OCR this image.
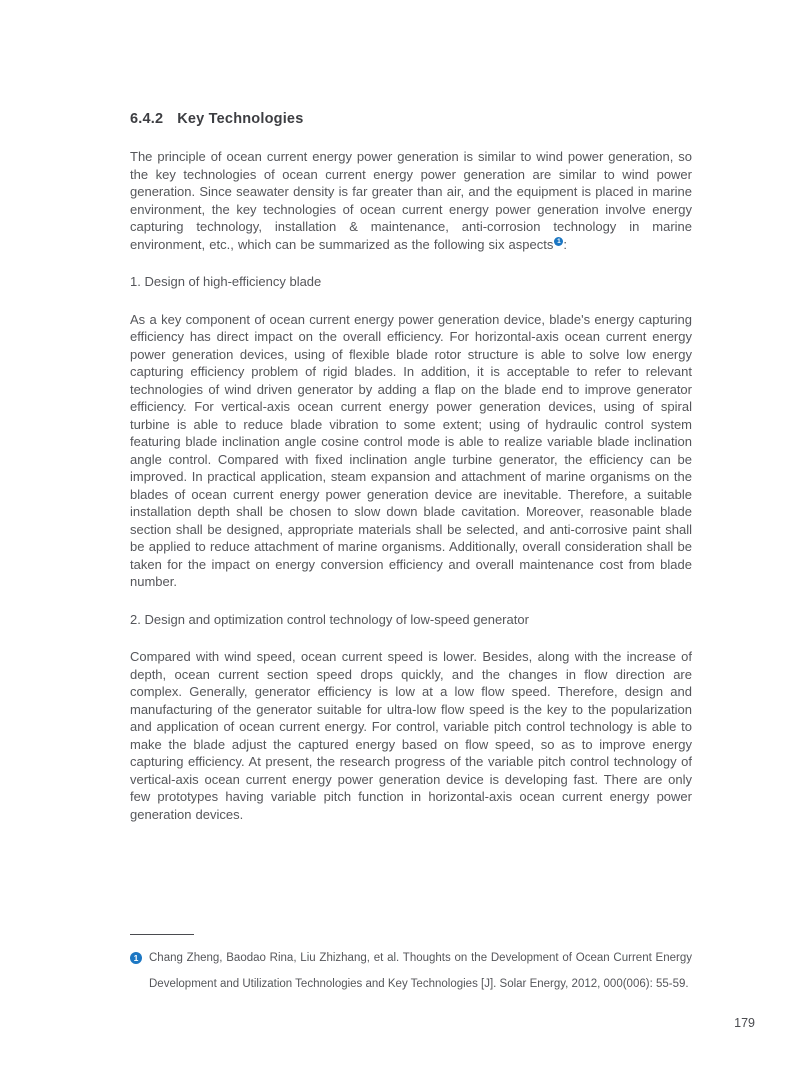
6.4.2 Key Technologies

The principle of ocean current energy power generation is similar to wind power generation, so the key technologies of ocean current energy power generation are similar to wind power generation. Since seawater density is far greater than air, and the equipment is placed in marine environment, the key technologies of ocean current energy power generation involve energy capturing technology, installation & maintenance, anti-corrosion technology in marine environment, etc., which can be summarized as the following six aspects $^1$ :

1. Design of high-efficiency blade

As a key component of ocean current energy power generation device, blade's energy capturing efficiency has direct impact on the overall efficiency. For horizontal-axis ocean current energy power generation devices, using of flexible blade rotor structure is able to solve low energy capturing efficiency problem of rigid blades. In addition, it is acceptable to refer to relevant technologies of wind driven generator by adding a flap on the blade end to improve generator efficiency. For vertical-axis ocean current energy power generation devices, using of spiral turbine is able to reduce blade vibration to some extent; using of hydraulic control system featuring blade inclination angle cosine control mode is able to realize variable blade inclination angle control. Compared with fixed inclination angle turbine generator, the efficiency can be improved. In practical application, steam expansion and attachment of marine organisms on the blades of ocean current energy power generation device are inevitable. Therefore, a suitable installation depth shall be chosen to slow down blade cavitation. Moreover, reasonable blade section shall be designed, appropriate materials shall be selected, and anti-corrosive paint shall be applied to reduce attachment of marine organisms. Additionally, overall consideration shall be taken for the impact on energy conversion efficiency and overall maintenance cost from blade number.

2. Design and optimization control technology of low-speed generator

Compared with wind speed, ocean current speed is lower. Besides, along with the increase of depth, ocean current section speed drops quickly, and the changes in flow direction are complex. Generally, generator efficiency is low at a low flow speed. Therefore, design and manufacturing of the generator suitable for ultra-low flow speed is the key to the popularization and application of ocean current energy. For control, variable pitch control technology is able to make the blade adjust the captured energy based on flow speed, so as to improve energy capturing efficiency. At present, the research progress of the variable pitch control technology of vertical-axis ocean current energy power generation device is developing fast. There are only few prototypes having variable pitch function in horizontal-axis ocean current energy power generation devices.

1 Chang Zheng, Baodao Rina, Liu Zhizhang, et al. Thoughts on the Development of Ocean Current Energy Development and Utilization Technologies and Key Technologies [J]. Solar Energy, 2012, 000(006): 55-59.
179
